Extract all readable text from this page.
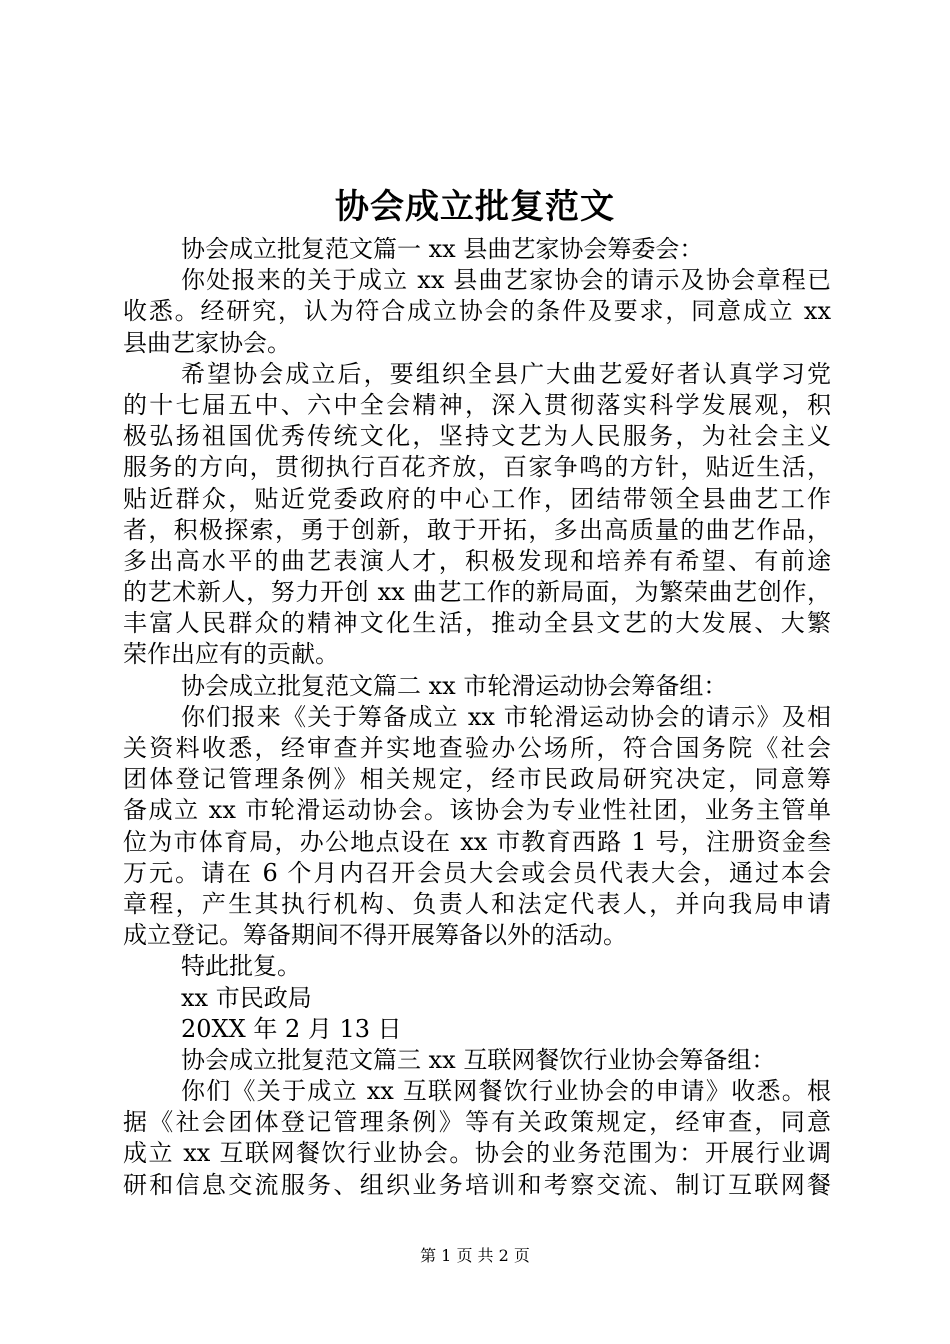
协会成立批复范文
协会成立批复范文篇一 xx 县曲艺家协会筹委会：
你处报来的关于成立 xx 县曲艺家协会的请示及协会章程已
收悉。经研究，认为符合成立协会的条件及要求，同意成立 xx
县曲艺家协会。
希望协会成立后，要组织全县广大曲艺爱好者认真学习党
的十七届五中、六中全会精神，深入贯彻落实科学发展观，积
极弘扬祖国优秀传统文化，坚持文艺为人民服务，为社会主义
服务的方向，贯彻执行百花齐放，百家争鸣的方针，贴近生活，
贴近群众，贴近党委政府的中心工作，团结带领全县曲艺工作
者，积极探索，勇于创新，敢于开拓，多出高质量的曲艺作品，
多出高水平的曲艺表演人才，积极发现和培养有希望、有前途
的艺术新人，努力开创 xx 曲艺工作的新局面，为繁荣曲艺创作，
丰富人民群众的精神文化生活，推动全县文艺的大发展、大繁
荣作出应有的贡献。
协会成立批复范文篇二 xx 市轮滑运动协会筹备组：
你们报来《关于筹备成立 xx 市轮滑运动协会的请示》及相
关资料收悉，经审查并实地查验办公场所，符合国务院《社会
团体登记管理条例》相关规定，经市民政局研究决定，同意筹
备成立 xx 市轮滑运动协会。该协会为专业性社团，业务主管单
位为市体育局，办公地点设在 xx 市教育西路 1 号，注册资金叁
万元。请在 6 个月内召开会员大会或会员代表大会，通过本会
章程，产生其执行机构、负责人和法定代表人，并向我局申请
成立登记。筹备期间不得开展筹备以外的活动。
特此批复。
xx 市民政局
20XX 年 2 月 13 日
协会成立批复范文篇三 xx 互联网餐饮行业协会筹备组：
你们《关于成立 xx 互联网餐饮行业协会的申请》收悉。根
据《社会团体登记管理条例》等有关政策规定，经审查，同意
成立 xx 互联网餐饮行业协会。协会的业务范围为：开展行业调
研和信息交流服务、组织业务培训和考察交流、制订互联网餐
第 1 页 共 2 页
